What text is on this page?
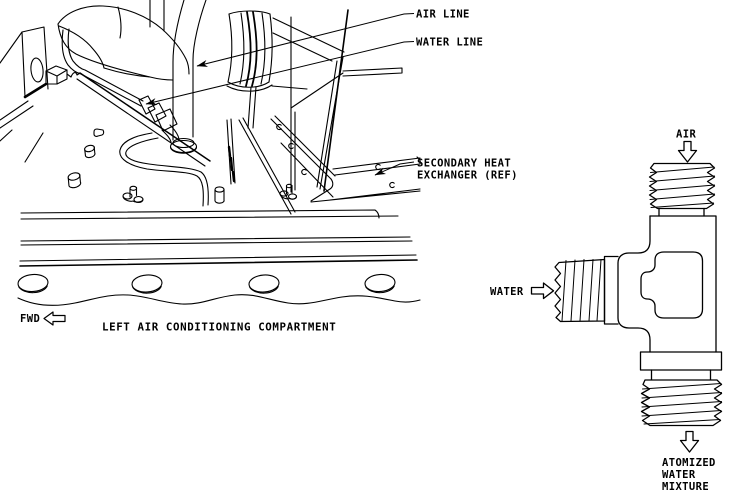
AIR LINE
WATER LINE
SECONDARY HEAT
EXCHANGER (REF)
FWD
LEFT AIR CONDITIONING COMPARTMENT
AIR
WATER
ATOMIZED
WATER
MIXTURE
